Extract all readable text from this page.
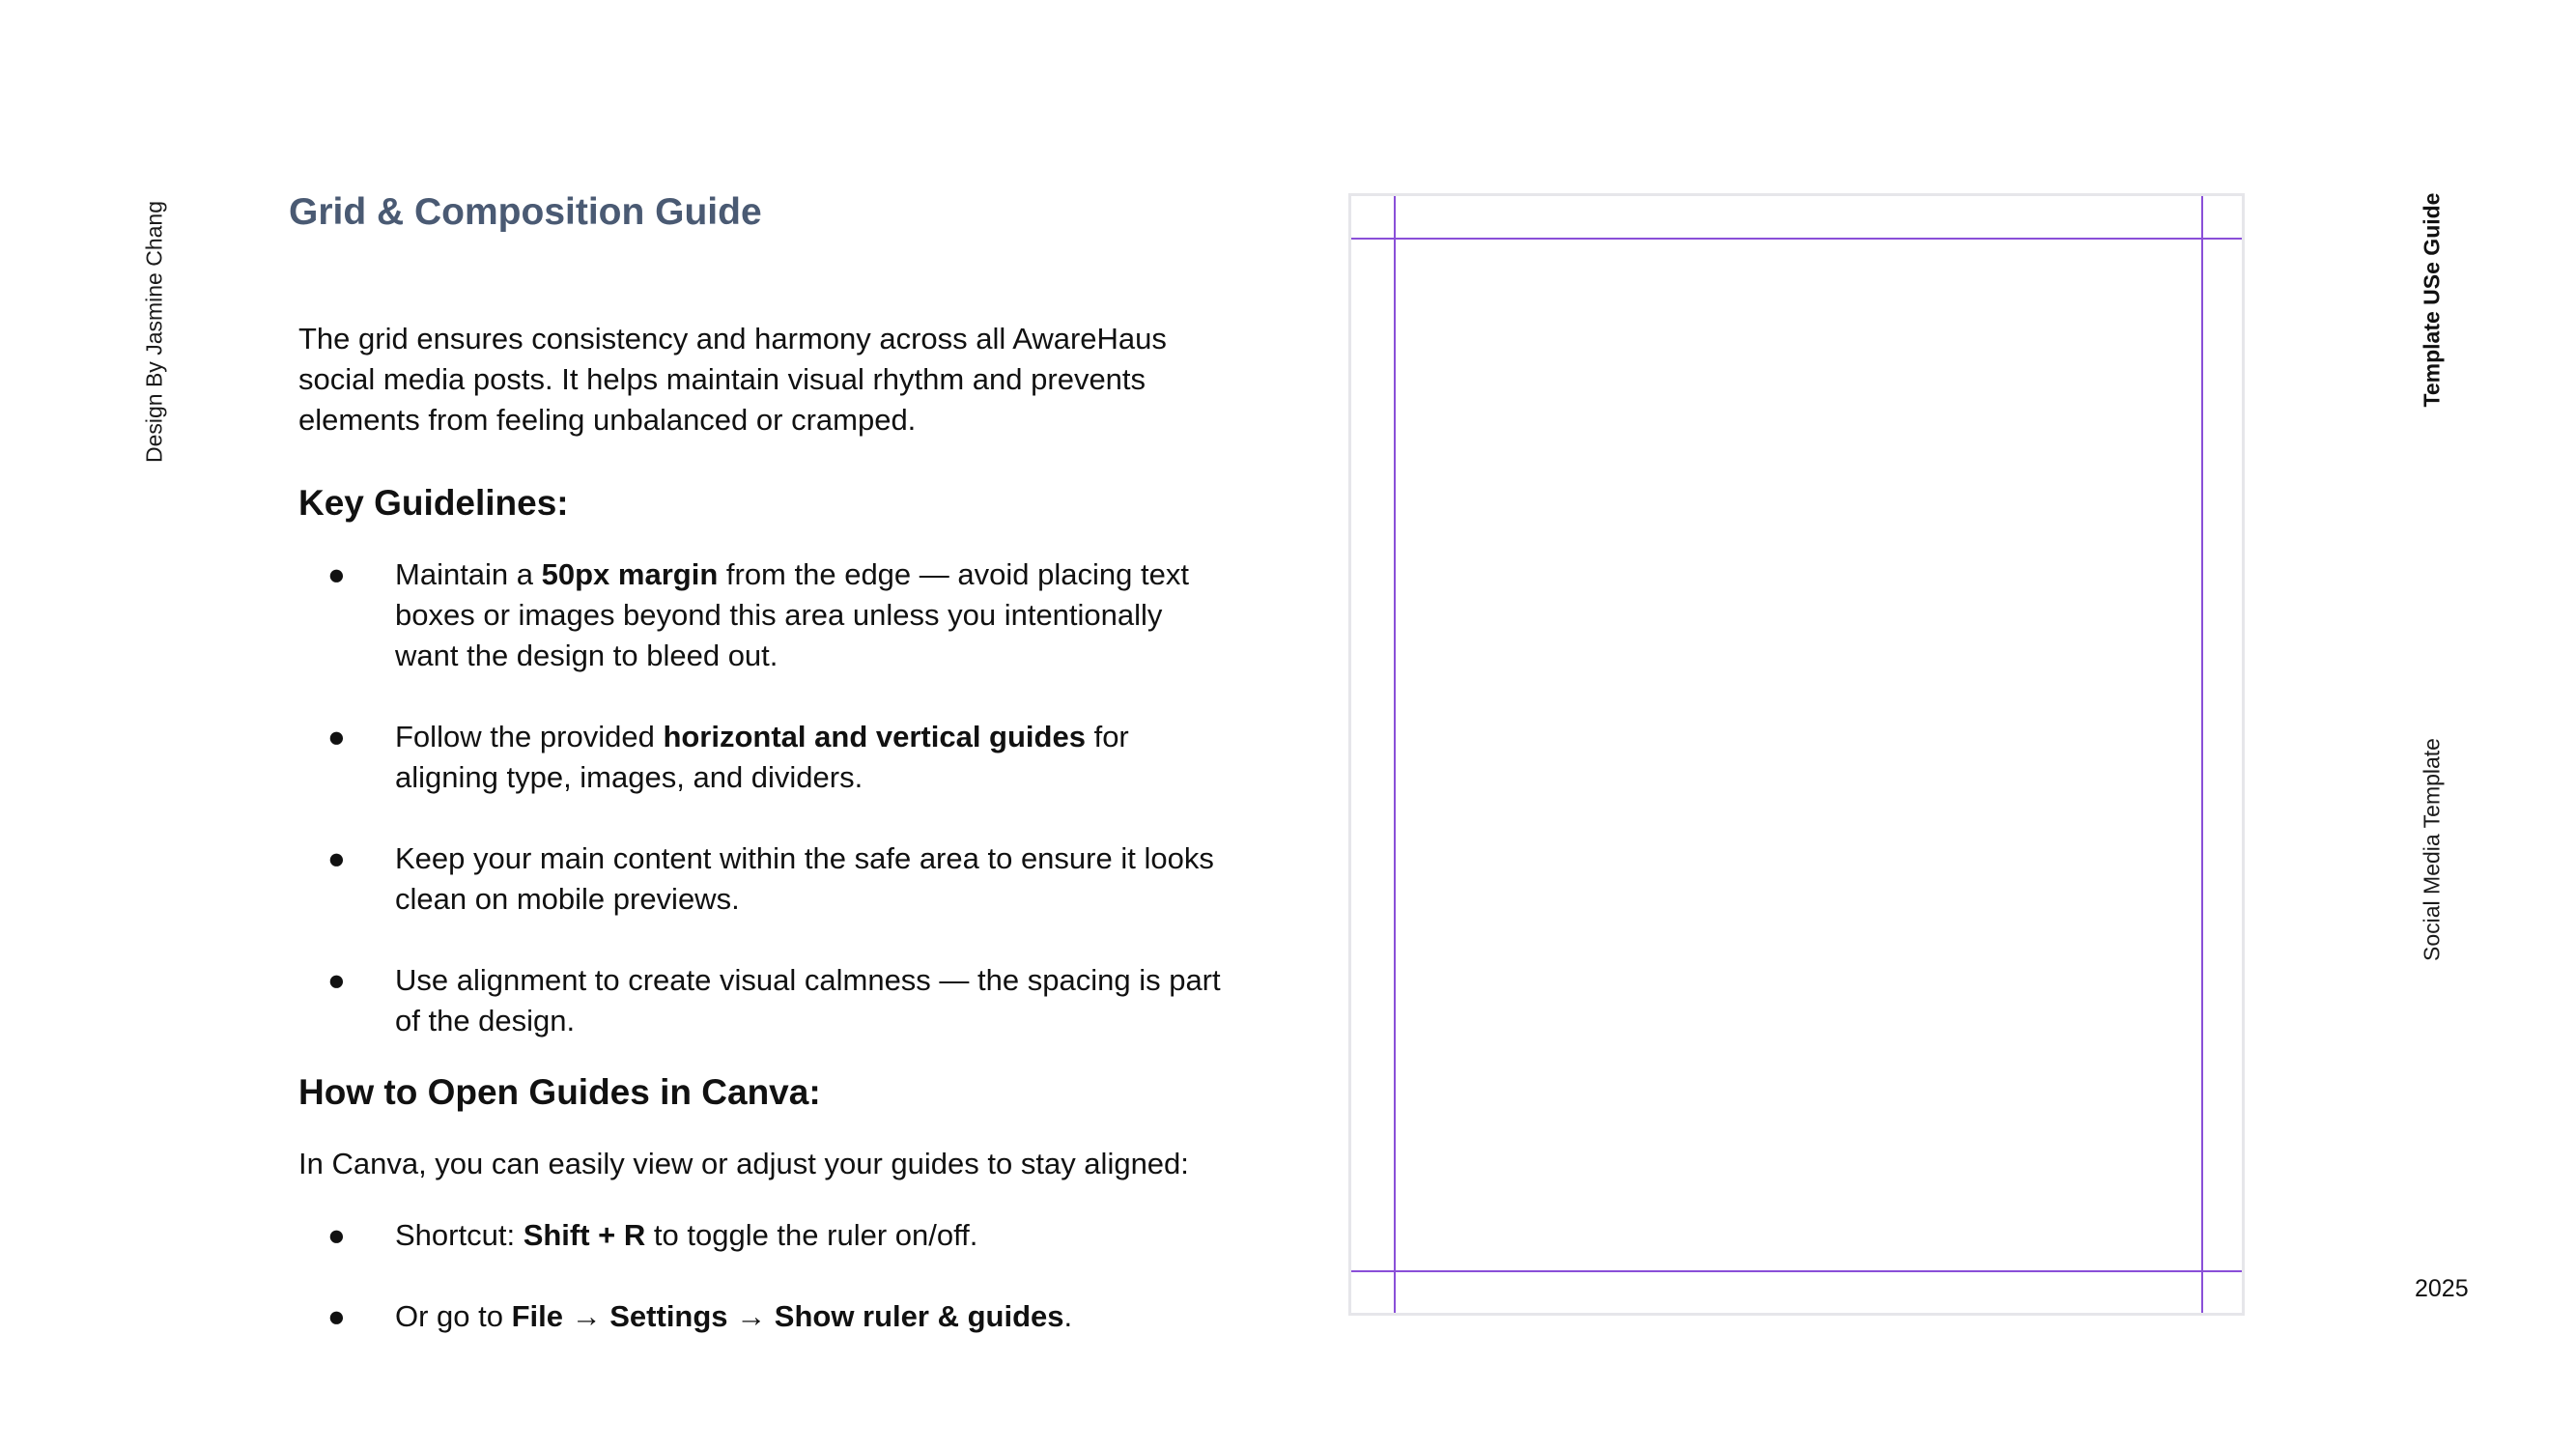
Design By Jasmine Chang	Grid & Composition Guide

The grid ensures consistency and harmony across all AwareHaus social media posts. It helps maintain visual rhythm and prevents elements from feeling unbalanced or cramped.

Key Guidelines:
● Maintain a 50px margin from the edge — avoid placing text boxes or images beyond this area unless you intentionally want the design to bleed out.
● Follow the provided horizontal and vertical guides for aligning type, images, and dividers.
● Keep your main content within the safe area to ensure it looks clean on mobile previews.
● Use alignment to create visual calmness — the spacing is part of the design.
How to Open Guides in Canva:

In Canva, you can easily view or adjust your guides to stay aligned:

● Shortcut: Shift + R to toggle the ruler on/off.
● Or go to File → Settings → Show ruler & guides.
Template USe Guide
Social Media Template
2025
